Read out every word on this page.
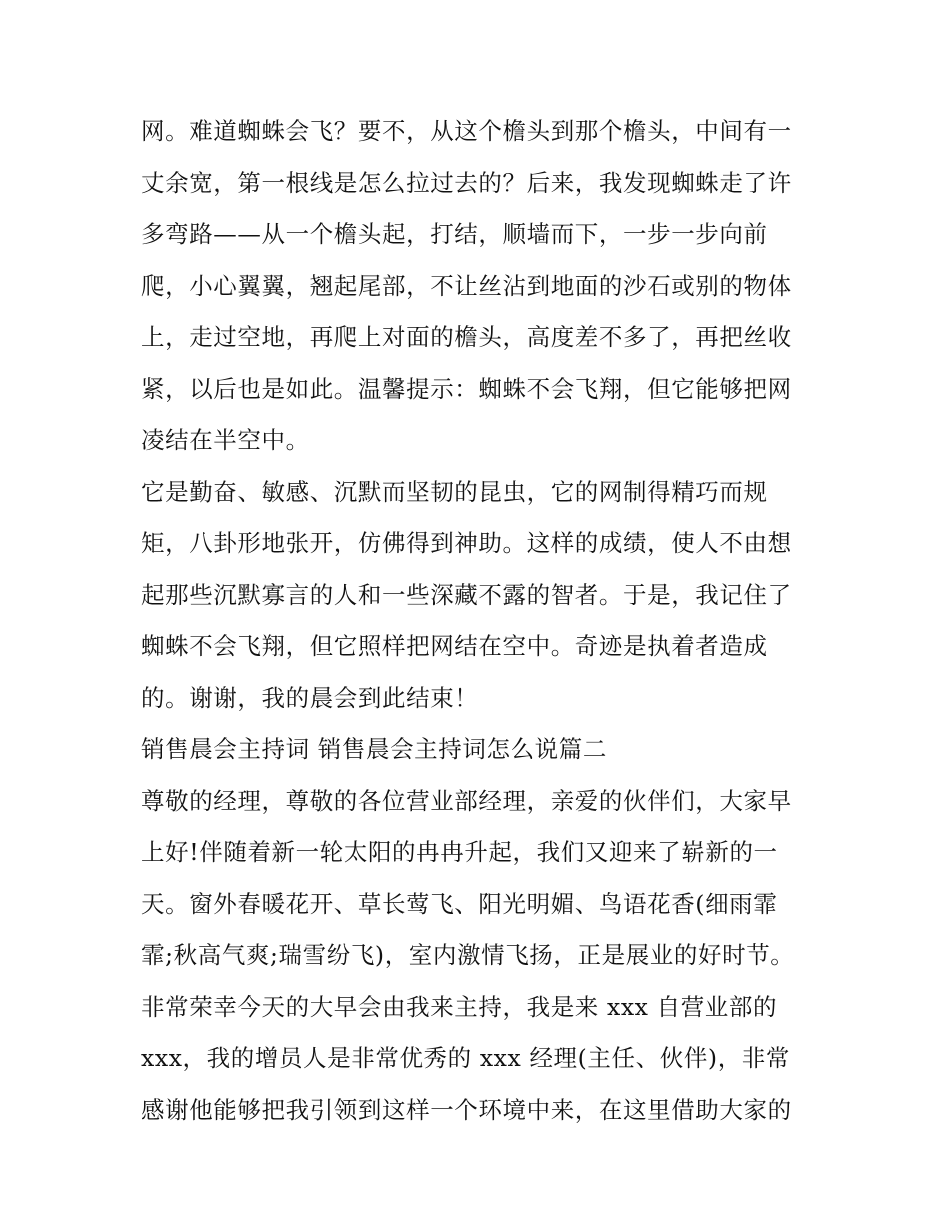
网。难道蜘蛛会飞？要不，从这个檐头到那个檐头，中间有一
丈余宽，第一根线是怎么拉过去的？后来，我发现蜘蛛走了许
多弯路——从一个檐头起，打结，顺墙而下，一步一步向前
爬，小心翼翼，翘起尾部，不让丝沾到地面的沙石或别的物体
上，走过空地，再爬上对面的檐头，高度差不多了，再把丝收
紧，以后也是如此。温馨提示：蜘蛛不会飞翔，但它能够把网
凌结在半空中。
它是勤奋、敏感、沉默而坚韧的昆虫，它的网制得精巧而规
矩，八卦形地张开，仿佛得到神助。这样的成绩，使人不由想
起那些沉默寡言的人和一些深藏不露的智者。于是，我记住了
蜘蛛不会飞翔，但它照样把网结在空中。奇迹是执着者造成
的。谢谢，我的晨会到此结束！
销售晨会主持词 销售晨会主持词怎么说篇二
尊敬的经理，尊敬的各位营业部经理，亲爱的伙伴们，大家早
上好!伴随着新一轮太阳的冉冉升起，我们又迎来了崭新的一
天。窗外春暖花开、草长莺飞、阳光明媚、鸟语花香(细雨霏
霏;秋高气爽;瑞雪纷飞)，室内激情飞扬，正是展业的好时节。
非常荣幸今天的大早会由我来主持，我是来 xxx 自营业部的
xxx，我的增员人是非常优秀的 xxx 经理(主任、伙伴)，非常
感谢他能够把我引领到这样一个环境中来，在这里借助大家的
